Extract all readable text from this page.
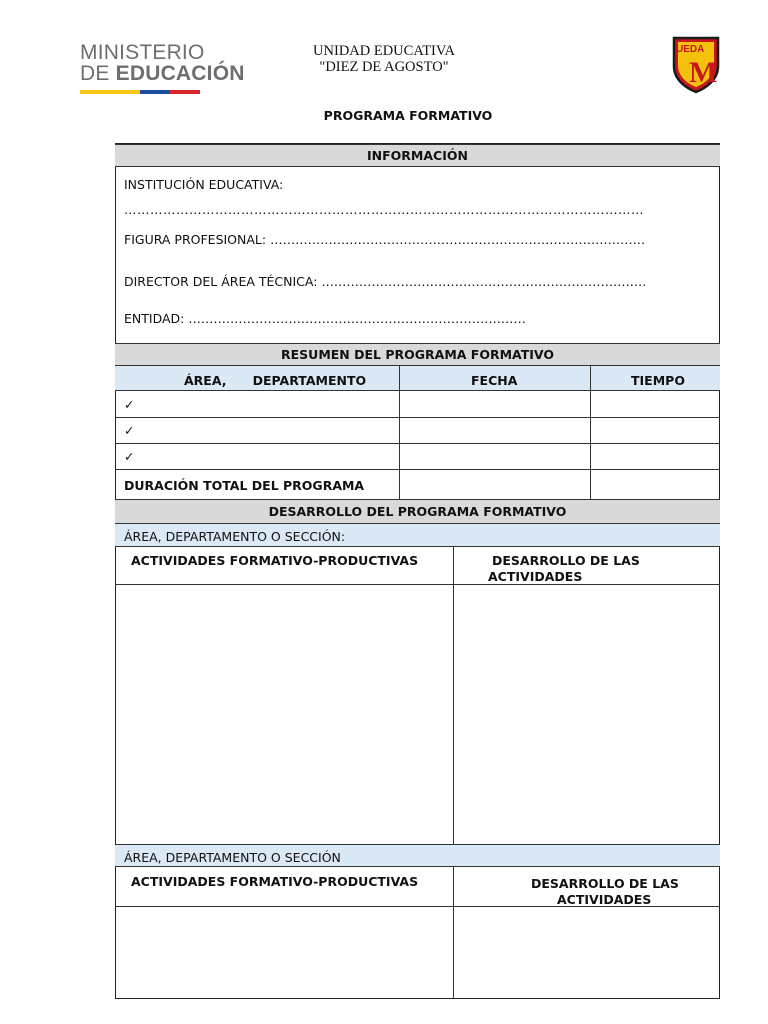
MINISTERIO
DE EDUCACIÓN
UNIDAD EDUCATIVA
"DIEZ DE AGOSTO"
UEDA
M
PROGRAMA FORMATIVO
INFORMACIÓN
INSTITUCIÓN EDUCATIVA:
…………………………………………………………………………………………………………
FIGURA PROFESIONAL: ………………………………………………………………………………
DIRECTOR DEL ÁREA TÉCNICA: ……………………………………………………………………
ENTIDAD: ………………………………………………………………………
RESUMEN DEL PROGRAMA FORMATIVO
ÁREA,      DEPARTAMENTO	FECHA	TIEMPO
✓
✓
✓
DURACIÓN TOTAL DEL PROGRAMA
DESARROLLO DEL PROGRAMA FORMATIVO
ÁREA, DEPARTAMENTO O SECCIÓN:
ACTIVIDADES FORMATIVO-PRODUCTIVAS	DESARROLLO DE LAS
ACTIVIDADES
ÁREA, DEPARTAMENTO O SECCIÓN
ACTIVIDADES FORMATIVO-PRODUCTIVAS	DESARROLLO DE LAS
ACTIVIDADES
